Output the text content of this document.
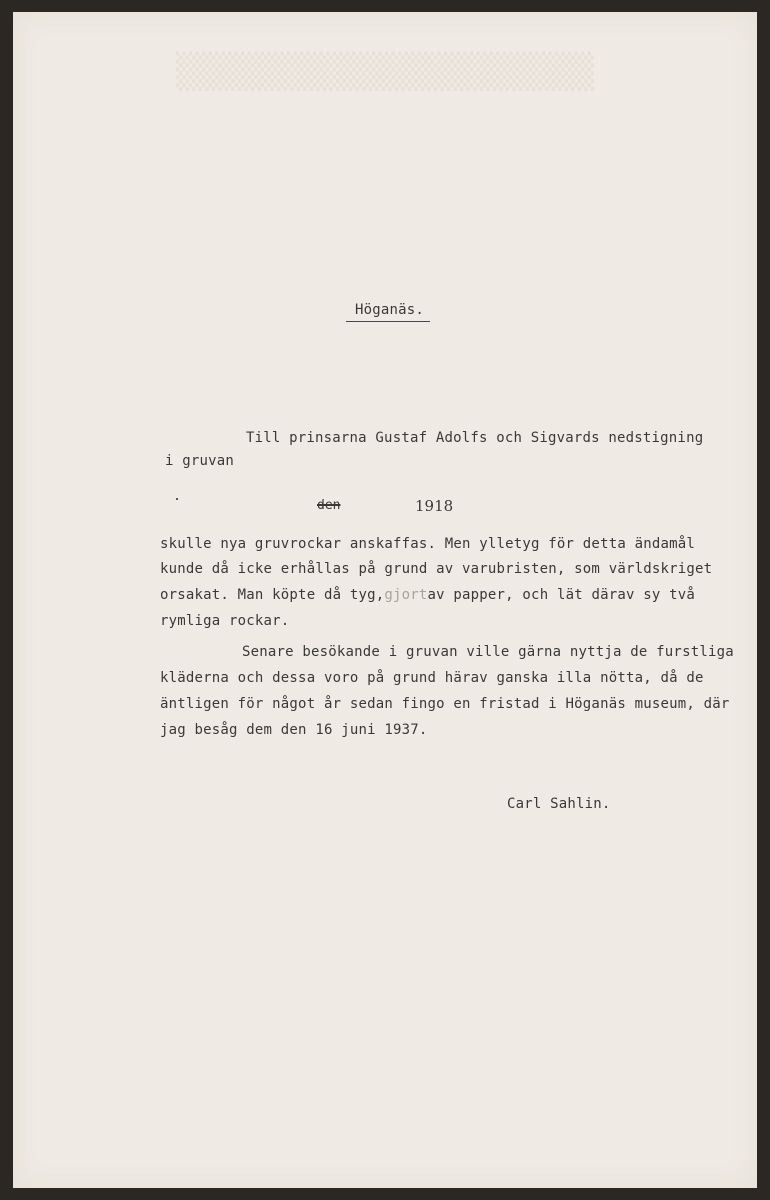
▒▒▒▒▒▒▒▒▒▒▒▒▒▒▒▒
Höganäs.
Till prinsarna Gustaf Adolfs och Sigvards nedstigning
i gruvan
den	1918
skulle nya gruvrockar anskaffas. Men ylletyg för detta ändamål
kunde då icke erhållas på grund av varubristen, som världskriget
orsakat. Man köpte då tyg,gjortav papper, och lät därav sy två
rymliga rockar.
Senare besökande i gruvan ville gärna nyttja de furstliga
kläderna och dessa voro på grund härav ganska illa nötta, då de
äntligen för något år sedan fingo en fristad i Höganäs museum, där
jag besåg dem den 16 juni 1937.
Carl Sahlin.
